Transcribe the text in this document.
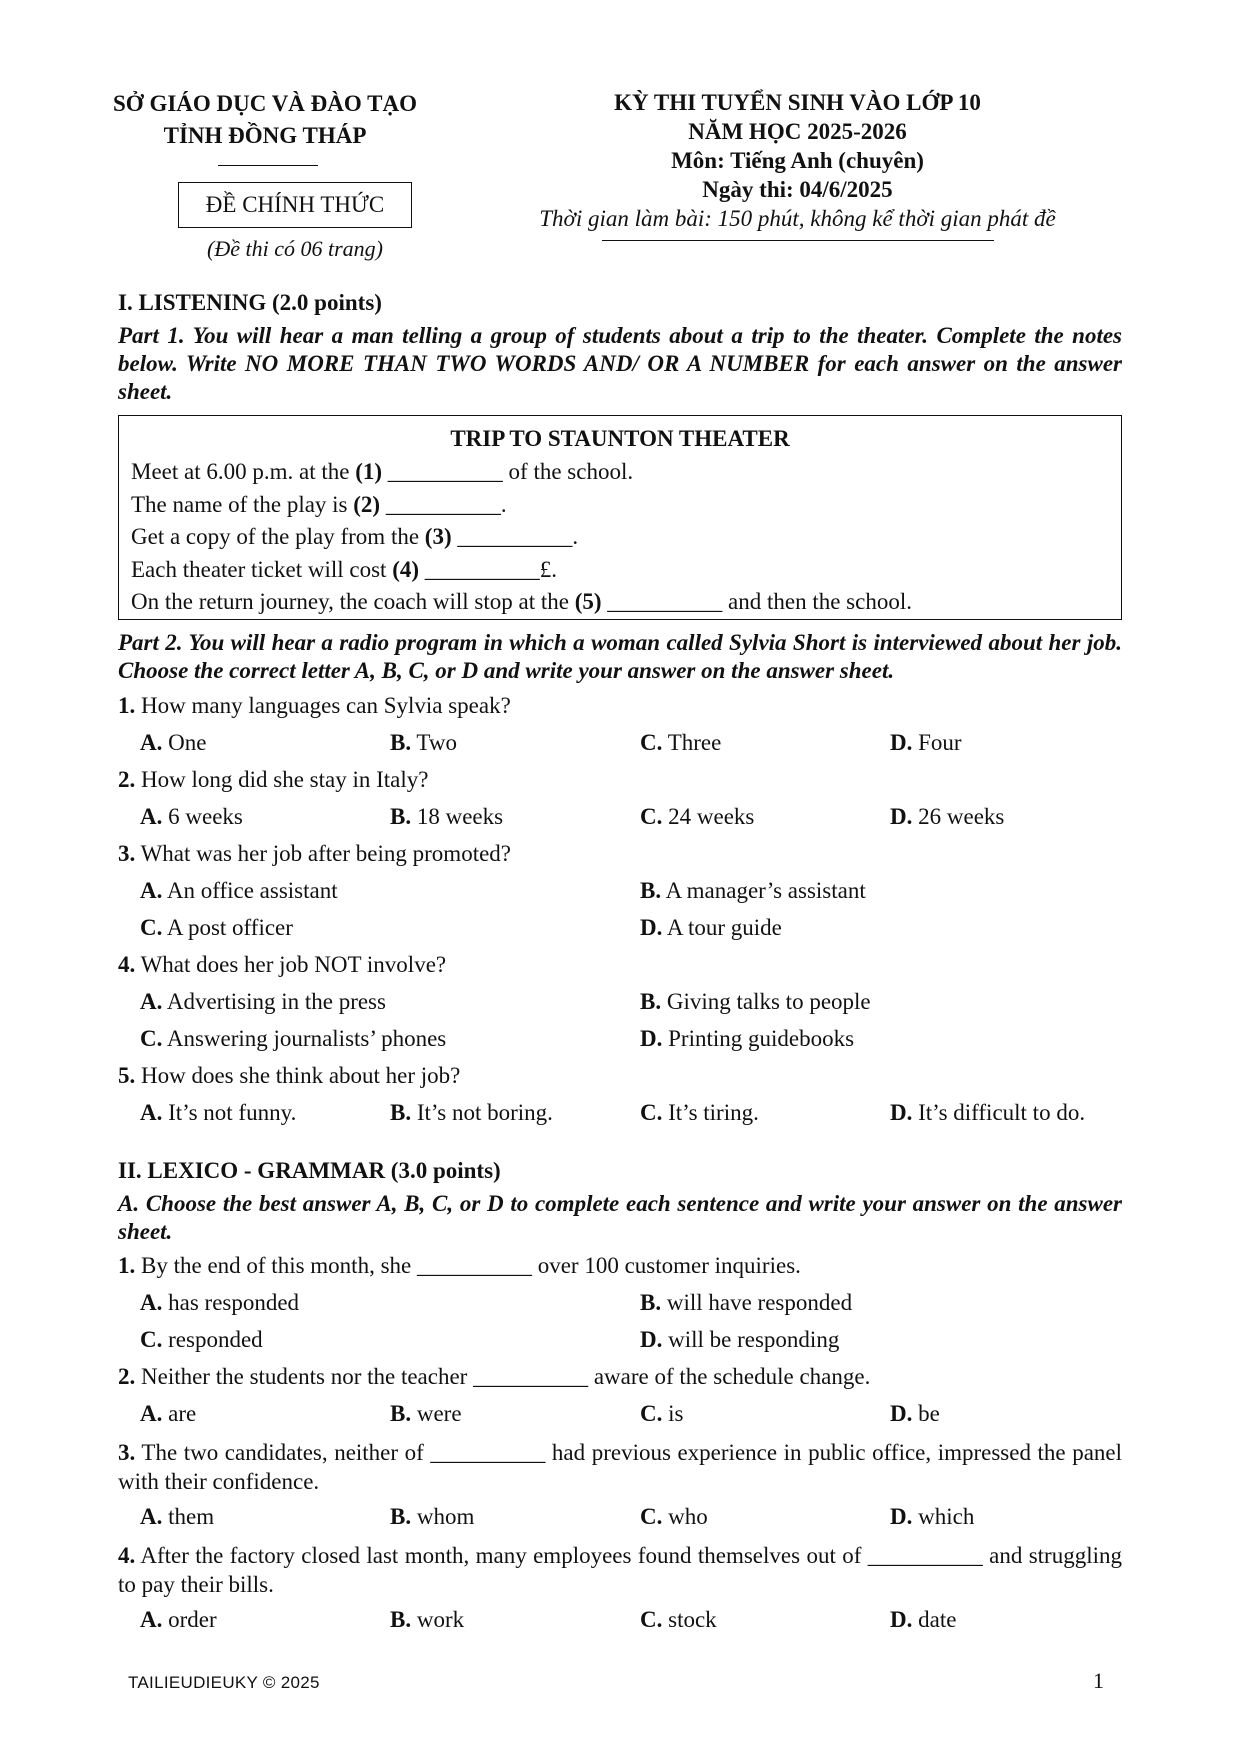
SỞ GIÁO DỤC VÀ ĐÀO TẠO
TỈNH ĐỒNG THÁP
ĐỀ CHÍNH THỨC
(Đề thi có 06 trang)
KỲ THI TUYỂN SINH VÀO LỚP 10
NĂM HỌC 2025-2026
Môn: Tiếng Anh (chuyên)
Ngày thi: 04/6/2025
Thời gian làm bài: 150 phút, không kể thời gian phát đề
I. LISTENING (2.0 points)
Part 1. You will hear a man telling a group of students about a trip to the theater. Complete the notes below. Write NO MORE THAN TWO WORDS AND/ OR A NUMBER for each answer on the answer sheet.
TRIP TO STAUNTON THEATER
Meet at 6.00 p.m. at the (1) __________ of the school.
The name of the play is (2) __________.
Get a copy of the play from the (3) __________.
Each theater ticket will cost (4) __________£.
On the return journey, the coach will stop at the (5) __________ and then the school.
Part 2. You will hear a radio program in which a woman called Sylvia Short is interviewed about her job. Choose the correct letter A, B, C, or D and write your answer on the answer sheet.
1. How many languages can Sylvia speak?
A. One	B. Two	C. Three	D. Four
2. How long did she stay in Italy?
A. 6 weeks	B. 18 weeks	C. 24 weeks	D. 26 weeks
3. What was her job after being promoted?
A. An office assistant	B. A manager’s assistant
C. A post officer	D. A tour guide
4. What does her job NOT involve?
A. Advertising in the press	B. Giving talks to people
C. Answering journalists’ phones	D. Printing guidebooks
5. How does she think about her job?
A. It’s not funny.	B. It’s not boring.	C. It’s tiring.	D. It’s difficult to do.
II. LEXICO - GRAMMAR (3.0 points)
A. Choose the best answer A, B, C, or D to complete each sentence and write your answer on the answer sheet.
1. By the end of this month, she __________ over 100 customer inquiries.
A. has responded	B. will have responded
C. responded	D. will be responding
2. Neither the students nor the teacher __________ aware of the schedule change.
A. are	B. were	C. is	D. be
3. The two candidates, neither of __________ had previous experience in public office, impressed the panel with their confidence.
A. them	B. whom	C. who	D. which
4. After the factory closed last month, many employees found themselves out of __________ and struggling to pay their bills.
A. order	B. work	C. stock	D. date
TAILIEUDIEUKY © 2025	1
